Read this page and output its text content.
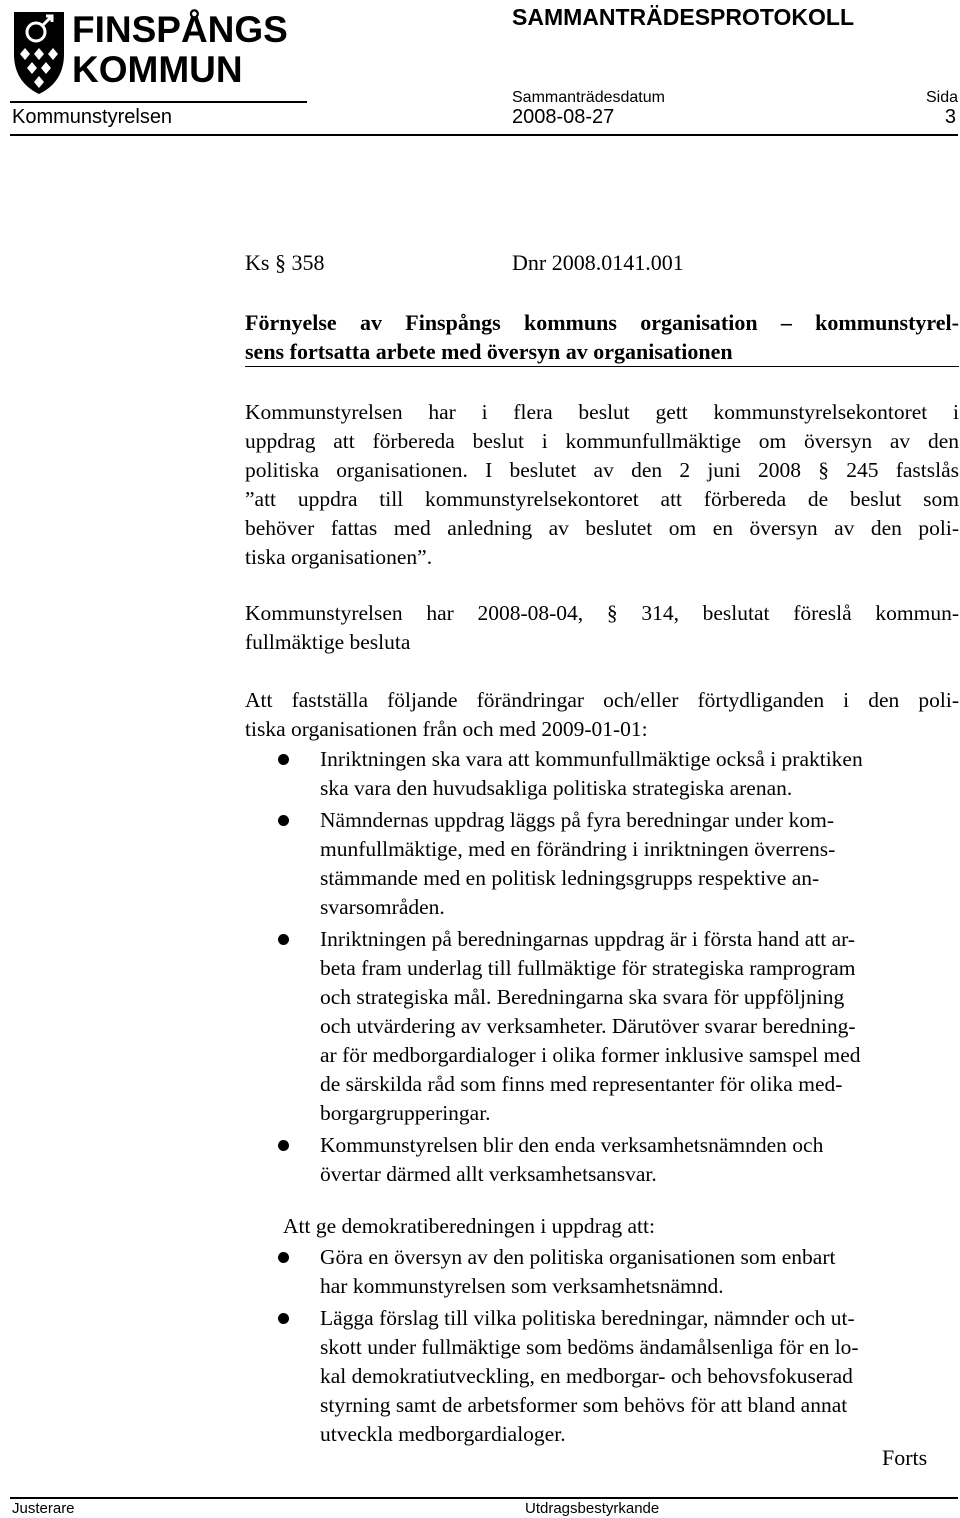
FINSPÅNGS
KOMMUN
SAMMANTRÄDESPROTOKOLL
Sammanträdesdatum	Sida
Kommunstyrelsen	2008-08-27	3
Ks § 358	Dnr 2008.0141.001
Förnyelse av Finspångs kommuns organisation – kommunstyrel-
sens fortsatta arbete med översyn av organisationen
Kommunstyrelsen har i flera beslut gett kommunstyrelsekontoret i
uppdrag att förbereda beslut i kommunfullmäktige om översyn av den
politiska organisationen. I beslutet av den 2 juni 2008 § 245 fastslås
”att uppdra till kommunstyrelsekontoret att förbereda de beslut som
behöver fattas med anledning av beslutet om en översyn av den poli-
tiska organisationen”.
Kommunstyrelsen har 2008-08-04, § 314, beslutat föreslå kommun-
fullmäktige besluta
Att fastställa följande förändringar och/eller förtydliganden i den poli-
tiska organisationen från och med 2009-01-01:
Inriktningen ska vara att kommunfullmäktige också i praktiken
ska vara den huvudsakliga politiska strategiska arenan.
Nämndernas uppdrag läggs på fyra beredningar under kom-
munfullmäktige, med en förändring i inriktningen överrens-
stämmande med en politisk ledningsgrupps respektive an-
svarsområden.
Inriktningen på beredningarnas uppdrag är i första hand att ar-
beta fram underlag till fullmäktige för strategiska ramprogram
och strategiska mål. Beredningarna ska svara för uppföljning
och utvärdering av verksamheter. Därutöver svarar beredning-
ar för medborgardialoger i olika former inklusive samspel med
de särskilda råd som finns med representanter för olika med-
borgargrupperingar.
Kommunstyrelsen blir den enda verksamhetsnämnden och
övertar därmed allt verksamhetsansvar.
Att ge demokratiberedningen i uppdrag att:
Göra en översyn av den politiska organisationen som enbart
har kommunstyrelsen som verksamhetsnämnd.
Lägga förslag till vilka politiska beredningar, nämnder och ut-
skott under fullmäktige som bedöms ändamålsenliga för en lo-
kal demokratiutveckling, en medborgar- och behovsfokuserad
styrning samt de arbetsformer som behövs för att bland annat
utveckla medborgardialoger.
Forts
Justerare	Utdragsbestyrkande
